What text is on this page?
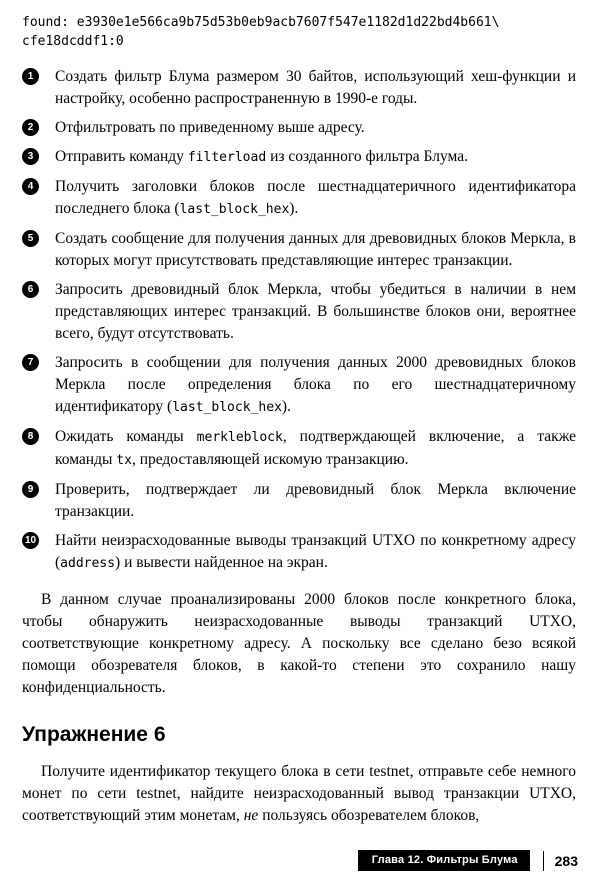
found: e3930e1e566ca9b75d53b0eb9acb7607f547e1182d1d22bd4b661\
cfe18dcddf1:0
1	Создать фильтр Блума размером 30 байтов, использующий хеш-функции и настройку, особенно распространенную в 1990-е годы.
2	Отфильтровать по приведенному выше адресу.
3	Отправить команду filterload из созданного фильтра Блума.
4	Получить заголовки блоков после шестнадцатеричного идентификатора последнего блока (last_block_hex).
5	Создать сообщение для получения данных для древовидных блоков Меркла, в которых могут присутствовать представляющие интерес транзакции.
6	Запросить древовидный блок Меркла, чтобы убедиться в наличии в нем представляющих интерес транзакций. В большинстве блоков они, вероятнее всего, будут отсутствовать.
7	Запросить в сообщении для получения данных 2000 древовидных блоков Меркла после определения блока по его шестнадцатеричному идентификатору (last_block_hex).
8	Ожидать команды merkleblock, подтверждающей включение, а также команды tx, предоставляющей искомую транзакцию.
9	Проверить, подтверждает ли древовидный блок Меркла включение транзакции.
10 Найти неизрасходованные выводы транзакций UTXO по конкретному адресу (address) и вывести найденное на экран.

В данном случае проанализированы 2000 блоков после конкретного блока, чтобы обнаружить неизрасходованные выводы транзакций UTXO, соответствующие конкретному адресу. А поскольку все сделано безо всякой помощи обозревателя блоков, в какой-то степени это сохранило нашу конфиденциальность.

Упражнение 6

Получите идентификатор текущего блока в сети testnet, отправьте себе немного монет по сети testnet, найдите неизрасходованный вывод транзакции UTXO, соответствующий этим монетам, не пользуясь обозревателем блоков,

Глава 12. Фильтры Блума	283
